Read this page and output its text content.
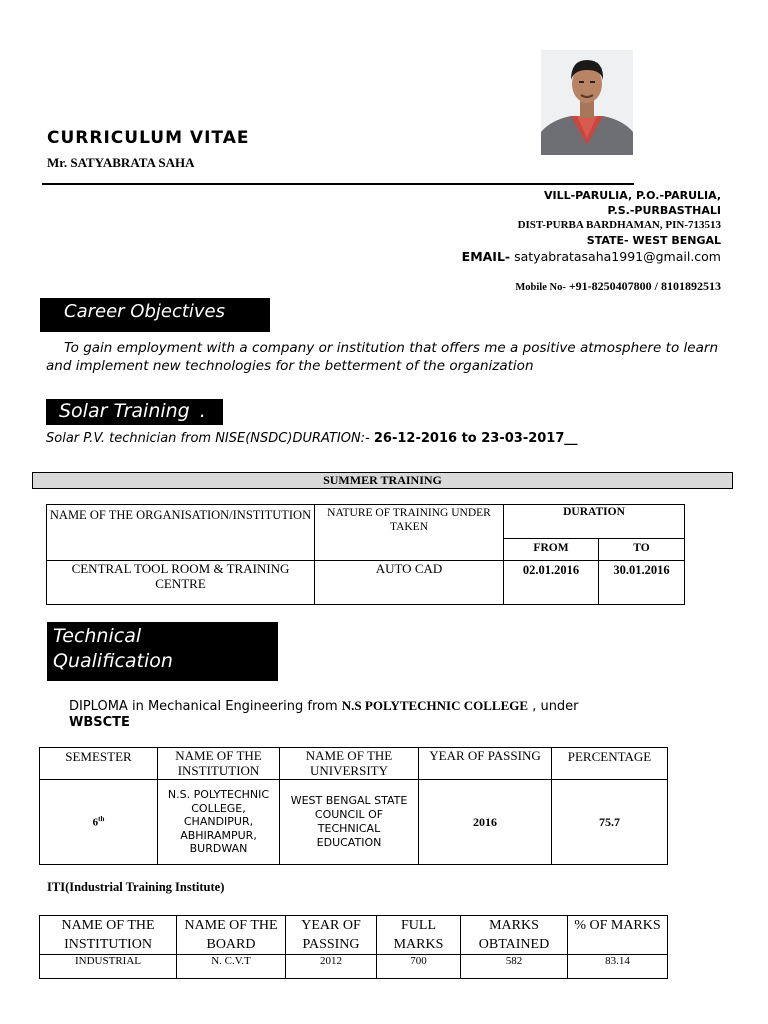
CURRICULUM VITAE
Mr. SATYABRATA SAHA
VILL-PARULIA, P.O.-PARULIA,
P.S.-PURBASTHALI
DIST-PURBA BARDHAMAN, PIN-713513
STATE- WEST BENGAL
EMAIL- satyabratasaha1991@gmail.com
Mobile No- +91-8250407800 / 8101892513
Career Objectives
To gain employment with a company or institution that offers me a positive atmosphere to learn and implement new technologies for the betterment of the organization
Solar Training .
Solar P.V. technician from NISE(NSDC)DURATION:- 26-12-2016 to 23-03-2017__
SUMMER TRAINING
NAME OF THE ORGANISATION/INSTITUTION	NATURE OF TRAINING UNDER TAKEN	DURATION	
		FROM	TO
CENTRAL TOOL ROOM & TRAINING CENTRE	AUTO CAD	02.01.2016	30.01.2016
Technical
Qualification
DIPLOMA in Mechanical Engineering from N.S POLYTECHNIC COLLEGE , under
WBSCTE
SEMESTER	NAME OF THE INSTITUTION	NAME OF THE UNIVERSITY	YEAR OF PASSING	PERCENTAGE
6th	N.S. POLYTECHNIC COLLEGE, CHANDIPUR, ABHIRAMPUR, BURDWAN	WEST BENGAL STATE COUNCIL OF TECHNICAL EDUCATION	2016	75.7
ITI(Industrial Training Institute)
NAME OF THE INSTITUTION	NAME OF THE BOARD	YEAR OF PASSING	FULL MARKS	MARKS OBTAINED	% OF MARKS
INDUSTRIAL	N. C.V.T	2012	700	582	83.14
